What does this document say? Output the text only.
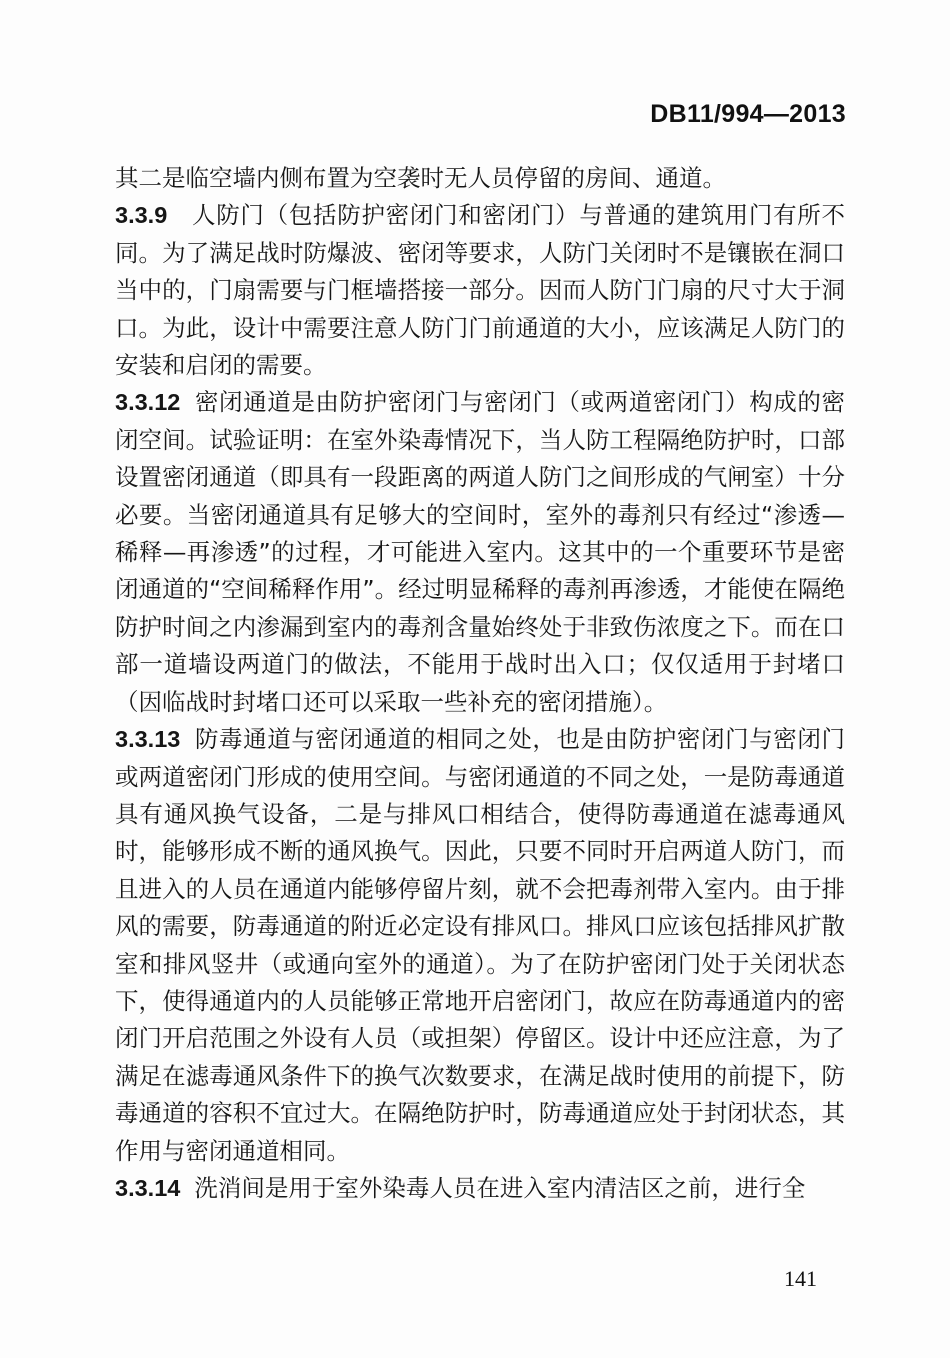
DB11/994—2013

其二是临空墙内侧布置为空袭时无人员停留的房间、通道。

3.3.9 人防门（包括防护密闭门和密闭门）与普通的建筑用门有所不同。为了满足战时防爆波、密闭等要求，人防门关闭时不是镶嵌在洞口当中的，门扇需要与门框墙搭接一部分。因而人防门门扇的尺寸大于洞口。为此，设计中需要注意人防门门前通道的大小，应该满足人防门的安装和启闭的需要。

3.3.12 密闭通道是由防护密闭门与密闭门（或两道密闭门）构成的密闭空间。试验证明：在室外染毒情况下，当人防工程隔绝防护时，口部设置密闭通道（即具有一段距离的两道人防门之间形成的气闸室）十分必要。当密闭通道具有足够大的空间时，室外的毒剂只有经过“渗透—稀释—再渗透”的过程，才可能进入室内。这其中的一个重要环节是密闭通道的“空间稀释作用”。经过明显稀释的毒剂再渗透，才能使在隔绝防护时间之内渗漏到室内的毒剂含量始终处于非致伤浓度之下。而在口部一道墙设两道门的做法，不能用于战时出入口；仅仅适用于封堵口（因临战时封堵口还可以采取一些补充的密闭措施）。

3.3.13 防毒通道与密闭通道的相同之处，也是由防护密闭门与密闭门或两道密闭门形成的使用空间。与密闭通道的不同之处，一是防毒通道具有通风换气设备，二是与排风口相结合，使得防毒通道在滤毒通风时，能够形成不断的通风换气。因此，只要不同时开启两道人防门，而且进入的人员在通道内能够停留片刻，就不会把毒剂带入室内。由于排风的需要，防毒通道的附近必定设有排风口。排风口应该包括排风扩散室和排风竖井（或通向室外的通道）。为了在防护密闭门处于关闭状态下，使得通道内的人员能够正常地开启密闭门，故应在防毒通道内的密闭门开启范围之外设有人员（或担架）停留区。设计中还应注意，为了满足在滤毒通风条件下的换气次数要求，在满足战时使用的前提下，防毒通道的容积不宜过大。在隔绝防护时，防毒通道应处于封闭状态，其作用与密闭通道相同。

3.3.14 洗消间是用于室外染毒人员在进入室内清洁区之前，进行全

141
